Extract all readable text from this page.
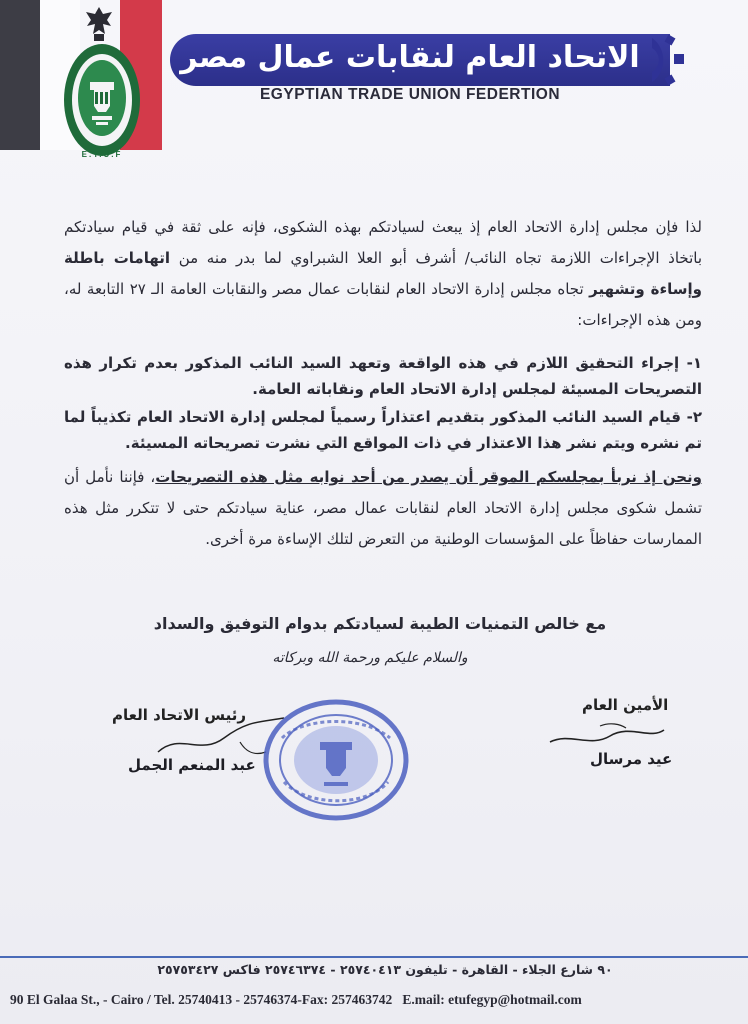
E.T.U.F
الاتحاد العام لنقابات عمال مصر
EGYPTIAN TRADE UNION FEDERTION
لذا فإن مجلس إدارة الاتحاد العام إذ يبعث لسيادتكم بهذه الشكوى، فإنه على ثقة في قيام سيادتكم باتخاذ الإجراءات اللازمة تجاه النائب/ أشرف أبو العلا الشبراوي لما بدر منه من اتهامات باطلة وإساءة وتشهير تجاه مجلس إدارة الاتحاد العام لنقابات عمال مصر والنقابات العامة الـ ٢٧ التابعة له، ومن هذه الإجراءات:
١- إجراء التحقيق اللازم في هذه الواقعة وتعهد السيد النائب المذكور بعدم تكرار هذه التصريحات المسيئة لمجلس إدارة الاتحاد العام ونقاباته العامة.
٢- قيام السيد النائب المذكور بتقديم اعتذاراً رسمياً لمجلس إدارة الاتحاد العام تكذيباً لما تم نشره ويتم نشر هذا الاعتذار في ذات المواقع التي نشرت تصريحاته المسيئة.
ونحن إذ نربأ بمجلسكم الموقر أن يصدر من أحد نوابه مثل هذه التصريحات، فإننا نأمل أن تشمل شكوى مجلس إدارة الاتحاد العام لنقابات عمال مصر، عناية سيادتكم حتى لا تتكرر مثل هذه الممارسات حفاظاً على المؤسسات الوطنية من التعرض لتلك الإساءة مرة أخرى.
مع خالص التمنيات الطيبة لسيادتكم بدوام التوفيق والسداد
والسلام عليكم ورحمة الله وبركاته
الأمين العام
رئيس الاتحاد العام
عيد مرسال
عبد المنعم الجمل
٩٠ شارع الجلاء - القاهرة - تليفون ٢٥٧٤٠٤١٣ - ٢٥٧٤٦٣٧٤ فاكس ٢٥٧٥٣٤٢٧
90 El Galaa St., - Cairo / Tel. 25740413 - 25746374-Fax: 257463742 E.mail: etufegyp@hotmail.com
